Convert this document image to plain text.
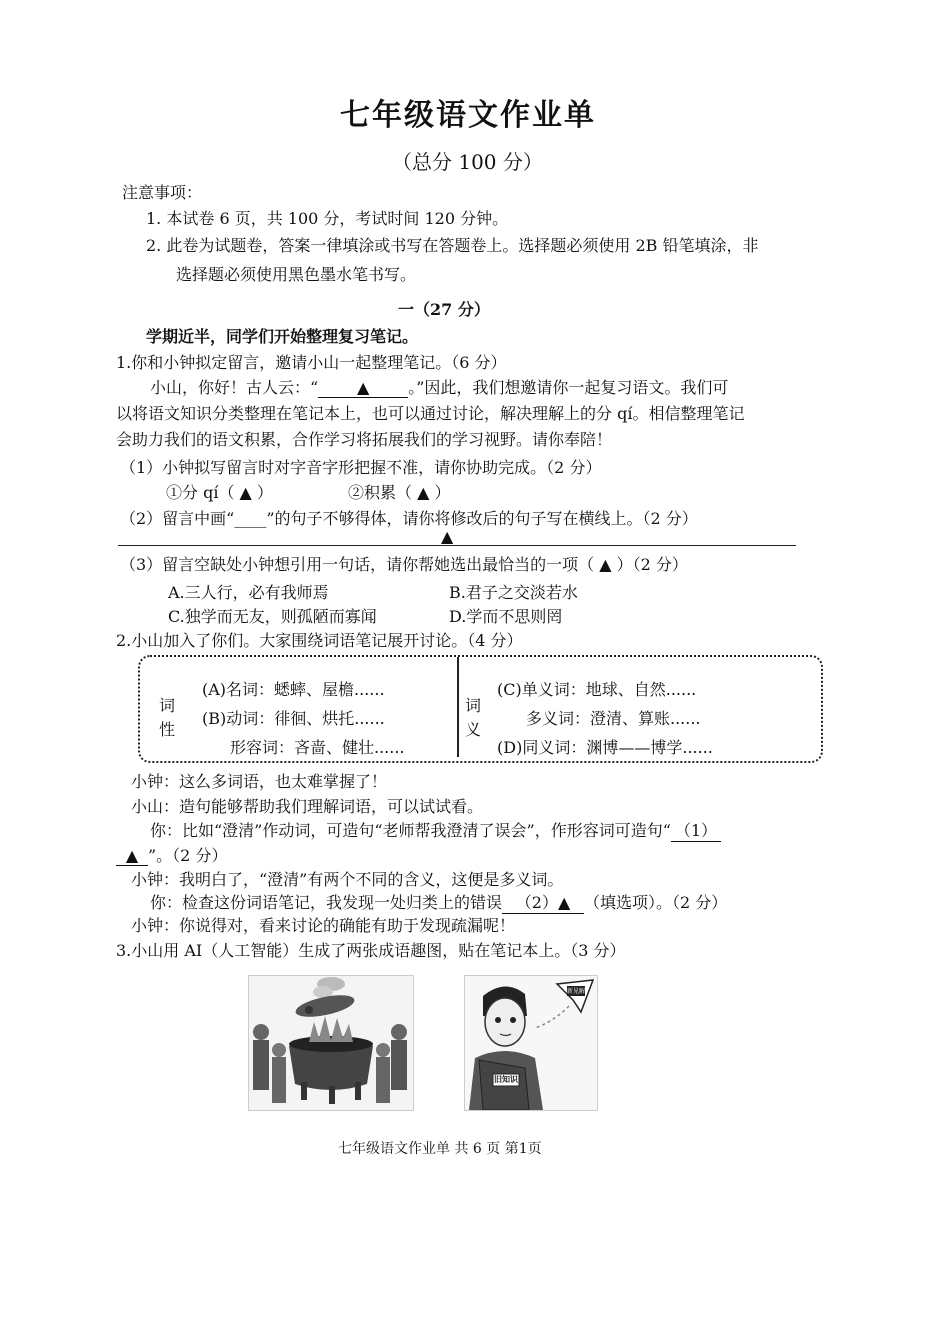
七年级语文作业单
（总分 100 分）
注意事项：
1. 本试卷 6 页，共 100 分，考试时间 120 分钟。
2. 此卷为试题卷，答案一律填涂或书写在答题卷上。选择题必须使用 2B 铅笔填涂，非
选择题必须使用黑色墨水笔书写。
一（27 分）
学期近半，同学们开始整理复习笔记。
1.你和小钟拟定留言，邀请小山一起整理笔记。（6 分）
小山，你好！古人云：“ ▲ 。”因此，我们想邀请你一起复习语文。我们可
以将语文知识分类整理在笔记本上，也可以通过讨论，解决理解上的分 qí。相信整理笔记
会助力我们的语文积累，合作学习将拓展我们的学习视野。请你奉陪！
（1）小钟拟写留言时对字音字形把握不准，请你协助完成。（2 分）
①分 qí（ ▲ ）	②积累（ ▲ ）
（2）留言中画“____”的句子不够得体，请你将修改后的句子写在横线上。（2 分）
▲
（3）留言空缺处小钟想引用一句话，请你帮她选出最恰当的一项（ ▲ ）（2 分）
A.三人行，必有我师焉	B.君子之交淡若水
C.独学而无友，则孤陋而寡闻	D.学而不思则罔
2.小山加入了你们。大家围绕词语笔记展开讨论。（4 分）
词
性
(A)名词：蟋蟀、屋檐......
(B)动词：徘徊、烘托......
形容词：吝啬、健壮......
词
义
(C)单义词：地球、自然......
多义词：澄清、算账......
(D)同义词：渊博——博学......
小钟：这么多词语，也太难掌握了！
小山：造句能够帮助我们理解词语，可以试试看。
你：比如“澄清”作动词，可造句“老师帮我澄清了误会”，作形容词可造句“ （1）
▲ ”。（2 分）
小钟：我明白了，“澄清”有两个不同的含义，这便是多义词。
你：检查这份词语笔记，我发现一处归类上的错误 （2）▲ （填选项）。（2 分）
小钟：你说得对，看来讨论的确能有助于发现疏漏呢！
3.小山用 AI（人工智能）生成了两张成语趣图，贴在笔记本上。（3 分）
旧知识
新见解
七年级语文作业单 共 6 页 第1页
